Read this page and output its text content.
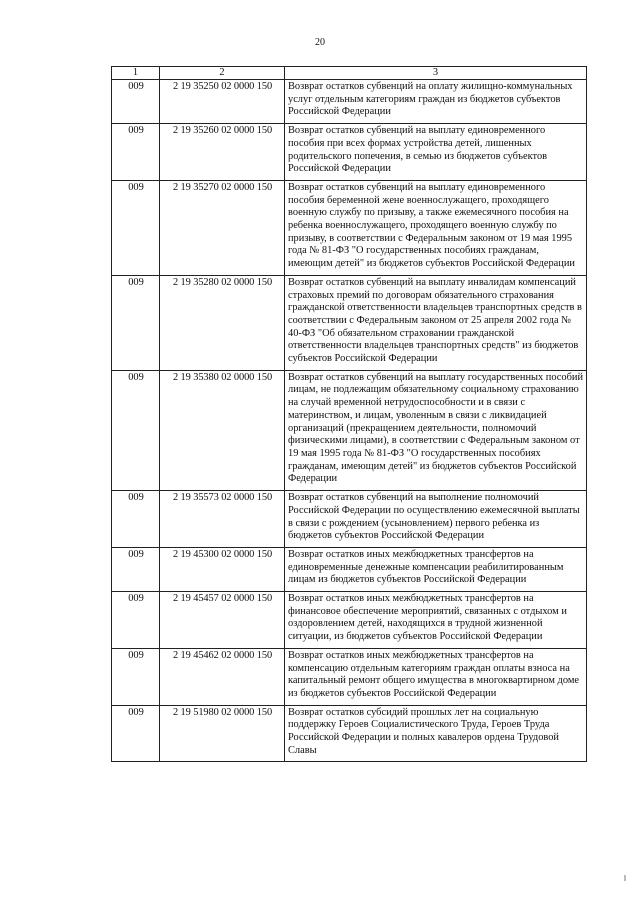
20
1	2	3
009	2 19 35250 02 0000 150	Возврат остатков субвенций на оплату жилищно-коммунальных услуг отдельным категориям граждан из бюджетов субъектов Российской Федерации
009	2 19 35260 02 0000 150	Возврат остатков субвенций на выплату единовременного пособия при всех формах устройства детей, лишенных родительского попечения, в семью из бюджетов субъектов Российской Федерации
009	2 19 35270 02 0000 150	Возврат остатков субвенций на выплату единовременного пособия беременной жене военнослужащего, проходящего военную службу по призыву, а также ежемесячного пособия на ребенка военнослужащего, проходящего военную службу по призыву, в соответствии с Федеральным законом от 19 мая 1995 года № 81-ФЗ "О государственных пособиях гражданам, имеющим детей" из бюджетов субъектов Российской Федерации
009	2 19 35280 02 0000 150	Возврат остатков субвенций на выплату инвалидам компенсаций страховых премий по договорам обязательного страхования гражданской ответственности владельцев транспортных средств в соответствии с Федеральным законом от 25 апреля 2002 года № 40-ФЗ "Об обязательном страховании гражданской ответственности владельцев транспортных средств" из бюджетов субъектов Российской Федерации
009	2 19 35380 02 0000 150	Возврат остатков субвенций на выплату государственных пособий лицам, не подлежащим обязательному социальному страхованию на случай временной нетрудоспособности и в связи с материнством, и лицам, уволенным в связи с ликвидацией организаций (прекращением деятельности, полномочий физическими лицами), в соответствии с Федеральным законом от 19 мая 1995 года № 81-ФЗ "О государственных пособиях гражданам, имеющим детей" из бюджетов субъектов Российской Федерации
009	2 19 35573 02 0000 150	Возврат остатков субвенций на выполнение полномочий Российской Федерации по осуществлению ежемесячной выплаты в связи с рождением (усыновлением) первого ребенка из бюджетов субъектов Российской Федерации
009	2 19 45300 02 0000 150	Возврат остатков иных межбюджетных трансфертов на единовременные денежные компенсации реабилитированным лицам из бюджетов субъектов Российской Федерации
009	2 19 45457 02 0000 150	Возврат остатков иных межбюджетных трансфертов на финансовое обеспечение мероприятий, связанных с отдыхом и оздоровлением детей, находящихся в трудной жизненной ситуации, из бюджетов субъектов Российской Федерации
009	2 19 45462 02 0000 150	Возврат остатков иных межбюджетных трансфертов на компенсацию отдельным категориям граждан оплаты взноса на капитальный ремонт общего имущества в многоквартирном доме из бюджетов субъектов Российской Федерации
009	2 19 51980 02 0000 150	Возврат остатков субсидий прошлых лет на социальную поддержку Героев Социалистического Труда, Героев Труда Российской Федерации и полных кавалеров ордена Трудовой Славы
